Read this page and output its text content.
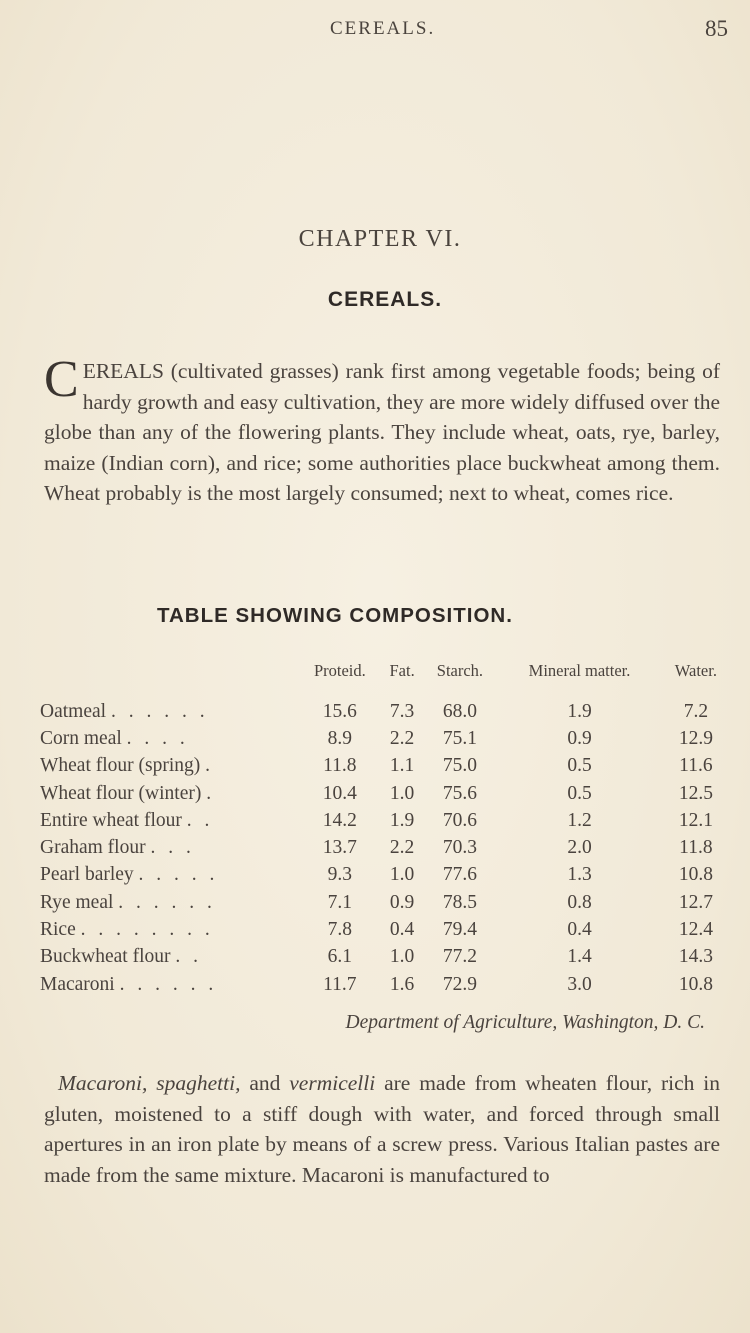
CEREALS.	85
CHAPTER VI.
CEREALS.
CEREALS (cultivated grasses) rank first among vegetable foods; being of hardy growth and easy cultivation, they are more widely diffused over the globe than any of the flowering plants. They include wheat, oats, rye, barley, maize (Indian corn), and rice; some authorities place buckwheat among them. Wheat probably is the most largely consumed; next to wheat, comes rice.
TABLE SHOWING COMPOSITION.
	Proteid.	Fat.	Starch.	Mineral matter.	Water.
Oatmeal . . . . . .	15.6	7.3	68.0	1.9	7.2
Corn meal . . . .	8.9	2.2	75.1	0.9	12.9
Wheat flour (spring) .	11.8	1.1	75.0	0.5	11.6
Wheat flour (winter) .	10.4	1.0	75.6	0.5	12.5
Entire wheat flour . .	14.2	1.9	70.6	1.2	12.1
Graham flour . . .	13.7	2.2	70.3	2.0	11.8
Pearl barley . . . . .	9.3	1.0	77.6	1.3	10.8
Rye meal . . . . . .	7.1	0.9	78.5	0.8	12.7
Rice . . . . . . . .	7.8	0.4	79.4	0.4	12.4
Buckwheat flour . .	6.1	1.0	77.2	1.4	14.3
Macaroni . . . . . .	11.7	1.6	72.9	3.0	10.8
Department of Agriculture, Washington, D. C.
Macaroni, spaghetti, and vermicelli are made from wheaten flour, rich in gluten, moistened to a stiff dough with water, and forced through small apertures in an iron plate by means of a screw press. Various Italian pastes are made from the same mixture. Macaroni is manufactured to
